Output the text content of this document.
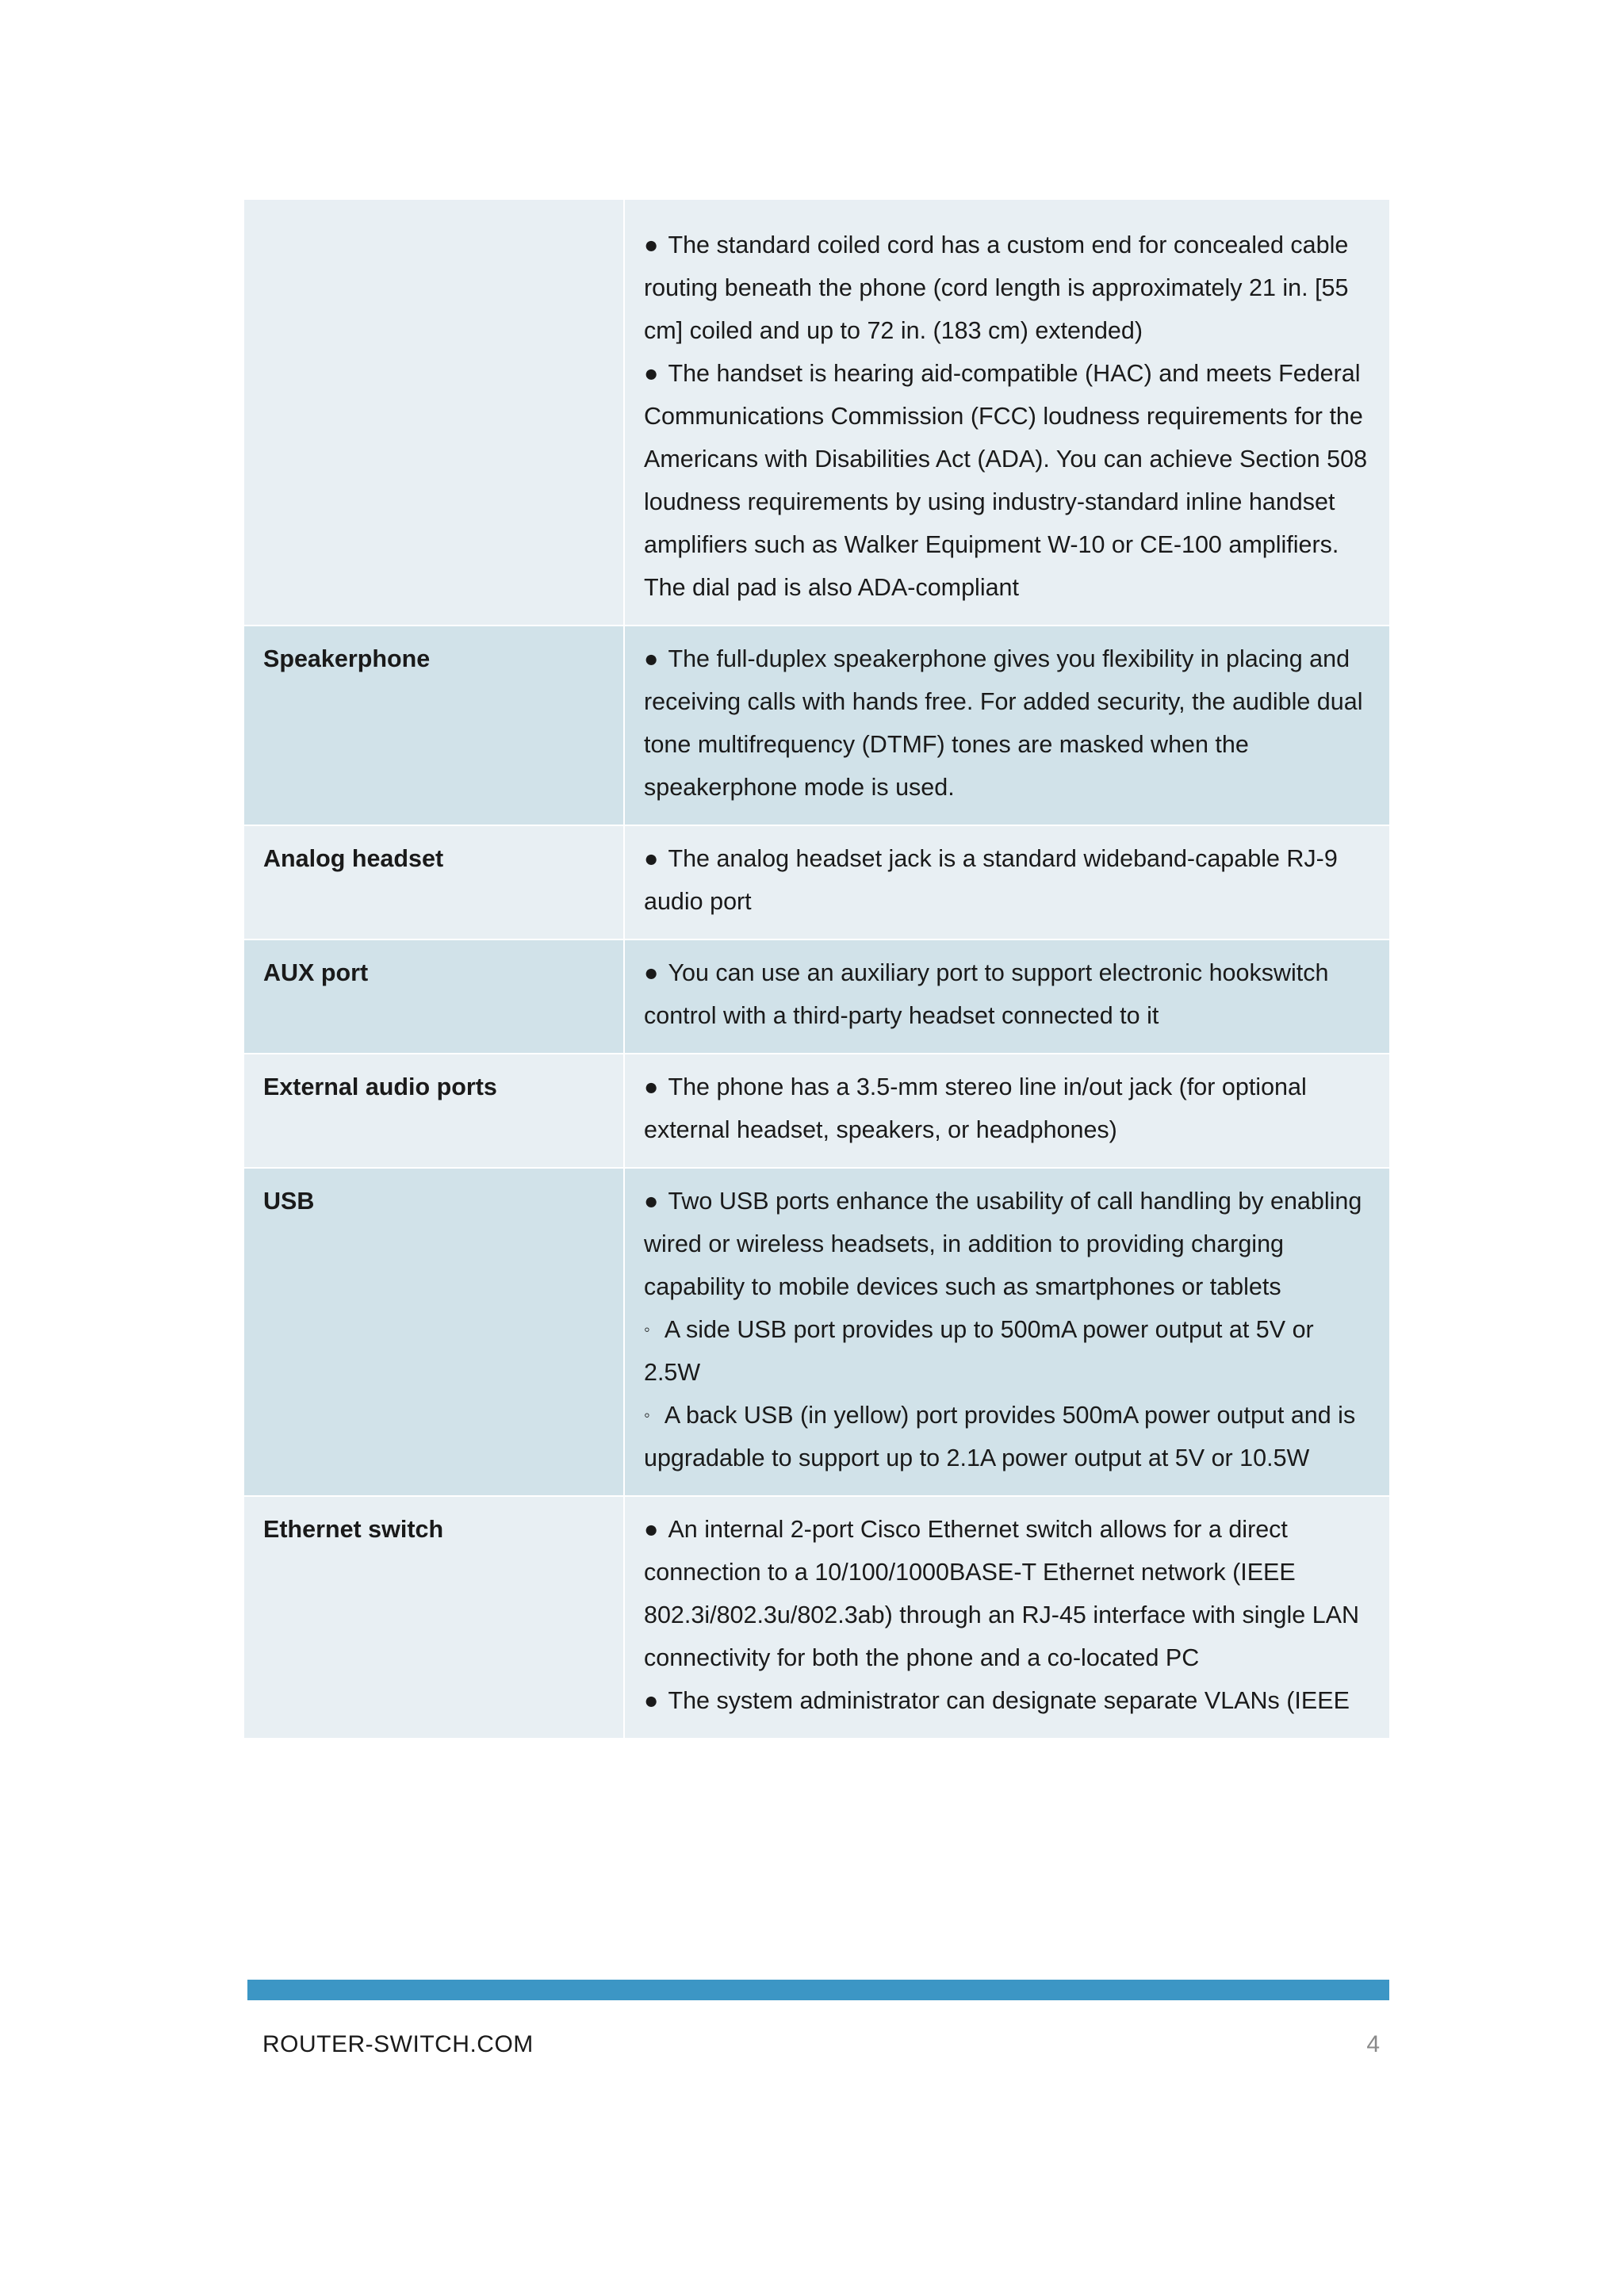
	● The standard coiled cord has a custom end for concealed cable routing beneath the phone (cord length is approximately 21 in. [55 cm] coiled and up to 72 in. (183 cm) extended)
● The handset is hearing aid-compatible (HAC) and meets Federal Communications Commission (FCC) loudness requirements for the Americans with Disabilities Act (ADA). You can achieve Section 508 loudness requirements by using industry-standard inline handset amplifiers such as Walker Equipment W-10 or CE-100 amplifiers. The dial pad is also ADA-compliant

Speakerphone	● The full-duplex speakerphone gives you flexibility in placing and receiving calls with hands free. For added security, the audible dual tone multifrequency (DTMF) tones are masked when the speakerphone mode is used.

Analog headset	● The analog headset jack is a standard wideband-capable RJ-9 audio port

AUX port	● You can use an auxiliary port to support electronic hookswitch control with a third-party headset connected to it

External audio ports	● The phone has a 3.5-mm stereo line in/out jack (for optional external headset, speakers, or headphones)

USB	● Two USB ports enhance the usability of call handling by enabling wired or wireless headsets, in addition to providing charging capability to mobile devices such as smartphones or tablets
◦ A side USB port provides up to 500mA power output at 5V or 2.5W
◦ A back USB (in yellow) port provides 500mA power output and is upgradable to support up to 2.1A power output at 5V or 10.5W

Ethernet switch	● An internal 2-port Cisco Ethernet switch allows for a direct connection to a 10/100/1000BASE-T Ethernet network (IEEE 802.3i/802.3u/802.3ab) through an RJ-45 interface with single LAN connectivity for both the phone and a co-located PC
● The system administrator can designate separate VLANs (IEEE
ROUTER-SWITCH.COM	4
